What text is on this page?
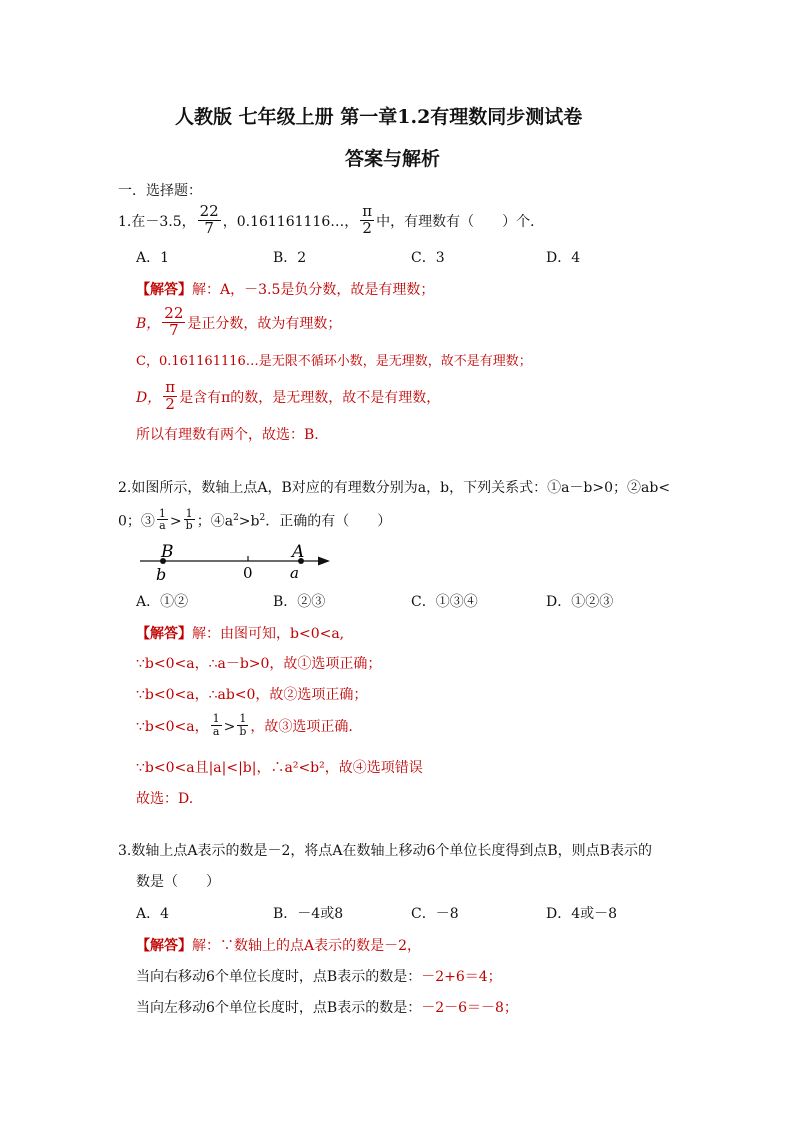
人教版 七年级上册 第一章1.2有理数同步测试卷
答案与解析
一．选择题：
1.在－3.5， $\frac{22}{7}$ ，0.161161116…， $\frac{\pi}{2}$ 中，有理数有（　　）个．
A．1	B．2	C．3	D．4
【解答】解：A，－3.5是负分数，故是有理数；
B， $\frac{22}{7}$ 是正分数，故为有理数；
C，0.161161116…是无限不循环小数，是无理数，故不是有理数；
D， $\frac{\pi}{2}$ 是含有π的数，是无理数，故不是有理数，
所以有理数有两个，故选：B.
2.如图所示，数轴上点A，B对应的有理数分别为a，b，下列关系式：①a－b>0；②ab<
0；③ $\frac{1}{a} > \frac{1}{b}$ ；$④a^2>b^2$．正确的有（　　）
B
b	0
A
a
A．①②	B．②③	C．①③④	D．①②③
【解答】解：由图可知，b<0<a,
∵b<0<a，∴a－b>0，故①选项正确；
∵b<0<a，∴ab<0，故②选项正确；
∵b<0<a， $\frac{1}{a} > \frac{1}{b}$ ，故③选项正确.
∵b<0<a且|a|<|b|，∴a²<b²，故④选项错误
故选：D.
3.数轴上点A表示的数是－2，将点A在数轴上移动6个单位长度得到点B，则点B表示的
数是（　　）
A．4	B．－4或8	C．－8	D．4或－8
【解答】解：∵数轴上的点A表示的数是－2，
当向右移动6个单位长度时，点B表示的数是：－2+6＝4；
当向左移动6个单位长度时，点B表示的数是：－2－6＝－8；
